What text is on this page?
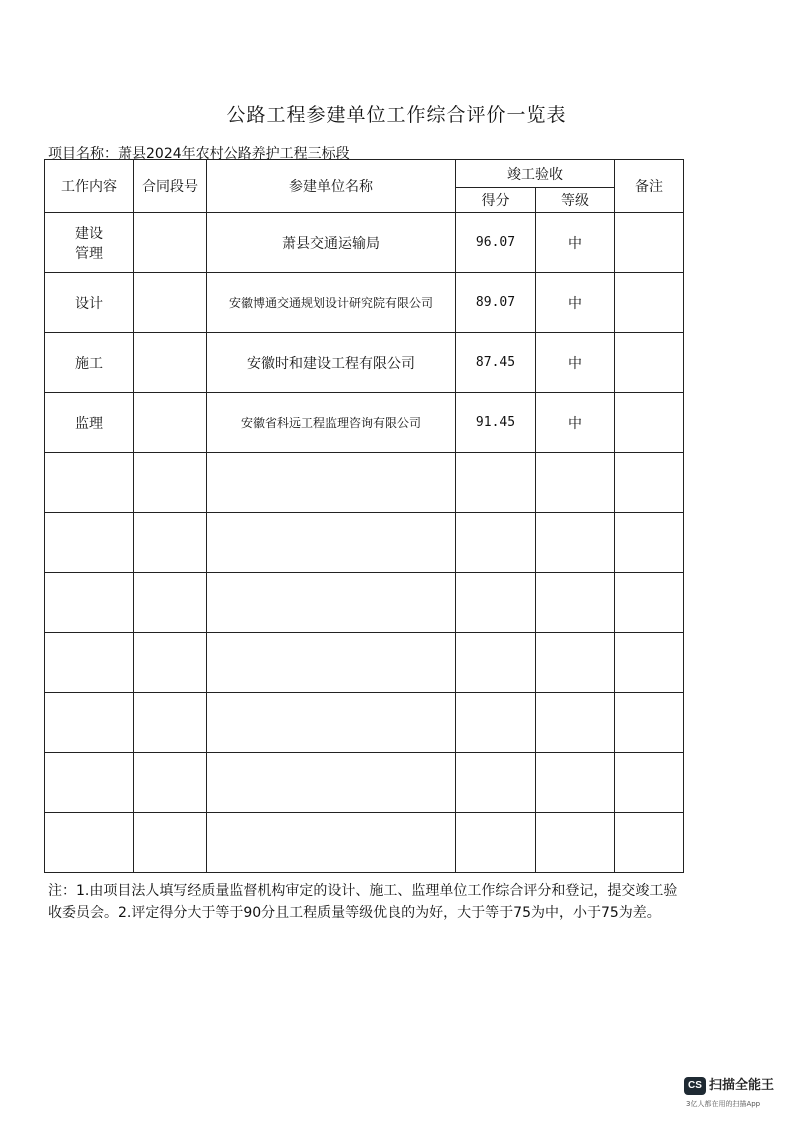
公路工程参建单位工作综合评价一览表
项目名称：萧县2024年农村公路养护工程三标段
工作内容	合同段号	参建单位名称	竣工验收		备注
			得分	等级	
建设
管理		萧县交通运输局	96.07	中	
设计		安徽博通交通规划设计研究院有限公司	89.07	中	
施工		安徽时和建设工程有限公司	87.45	中	
监理		安徽省科远工程监理咨询有限公司	91.45	中	

注：1.由项目法人填写经质量监督机构审定的设计、施工、监理单位工作综合评分和登记，提交竣工验收委员会。2.评定得分大于等于90分且工程质量等级优良的为好，大于等于75为中，小于75为差。
CS 扫描全能王
3亿人都在用的扫描App
